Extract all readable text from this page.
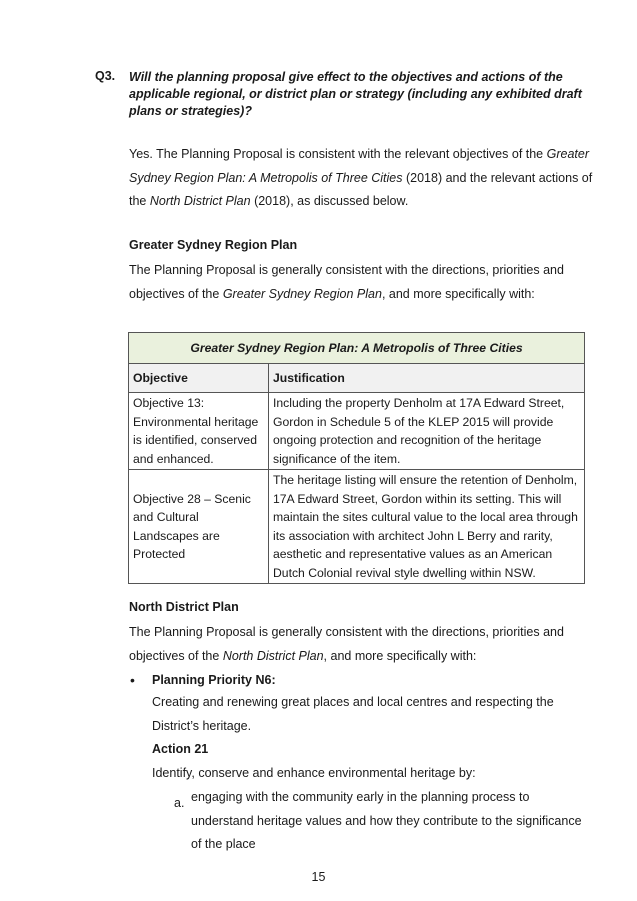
Q3. Will the planning proposal give effect to the objectives and actions of the applicable regional, or district plan or strategy (including any exhibited draft plans or strategies)?
Yes. The Planning Proposal is consistent with the relevant objectives of the Greater Sydney Region Plan: A Metropolis of Three Cities (2018) and the relevant actions of the North District Plan (2018), as discussed below.
Greater Sydney Region Plan
The Planning Proposal is generally consistent with the directions, priorities and objectives of the Greater Sydney Region Plan, and more specifically with:
Greater Sydney Region Plan: A Metropolis of Three Cities	
Objective	Justification
Objective 13: Environmental heritage is identified, conserved and enhanced.	Including the property Denholm at 17A Edward Street, Gordon in Schedule 5 of the KLEP 2015 will provide ongoing protection and recognition of the heritage significance of the item.
Objective 28 – Scenic and Cultural Landscapes are Protected	The heritage listing will ensure the retention of Denholm, 17A Edward Street, Gordon within its setting. This will maintain the sites cultural value to the local area through its association with architect John L Berry and rarity, aesthetic and representative values as an American Dutch Colonial revival style dwelling within NSW.
North District Plan
The Planning Proposal is generally consistent with the directions, priorities and objectives of the North District Plan, and more specifically with:
• Planning Priority N6:
Creating and renewing great places and local centres and respecting the District’s heritage.
Action 21
Identify, conserve and enhance environmental heritage by:
a. engaging with the community early in the planning process to understand heritage values and how they contribute to the significance of the place
15
